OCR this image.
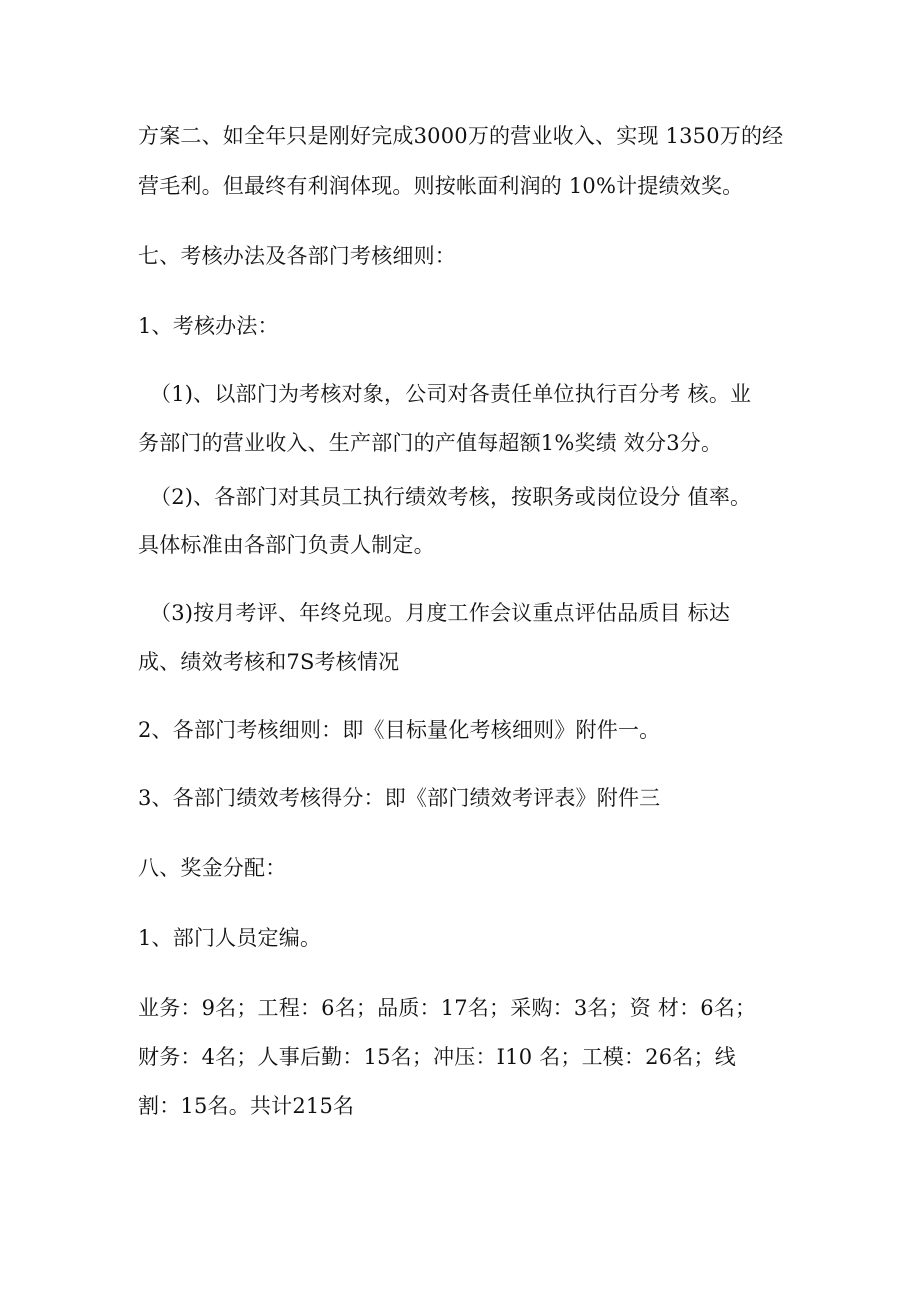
方案二、如全年只是刚好完成3000万的营业收入、实现 1350万的经
营毛利。但最终有利润体现。则按帐面利润的 10%计提绩效奖。
七、考核办法及各部门考核细则：
1、考核办法：
（1)、以部门为考核对象，公司对各责任单位执行百分考 核。业
务部门的营业收入、生产部门的产值每超额1%奖绩 效分3分。
（2)、各部门对其员工执行绩效考核，按职务或岗位设分 值率。
具体标准由各部门负责人制定。
（3)按月考评、年终兑现。月度工作会议重点评估品质目 标达
成、绩效考核和7S考核情况
2、各部门考核细则：即《目标量化考核细则》附件一。
3、各部门绩效考核得分：即《部门绩效考评表》附件三
八、奖金分配：
1、部门人员定编。
业务：9名；工程：6名；品质：17名；采购：3名；资 材：6名；
财务：4名；人事后勤：15名；冲压：I10 名；工模：26名；线
割：15名。共计215名
